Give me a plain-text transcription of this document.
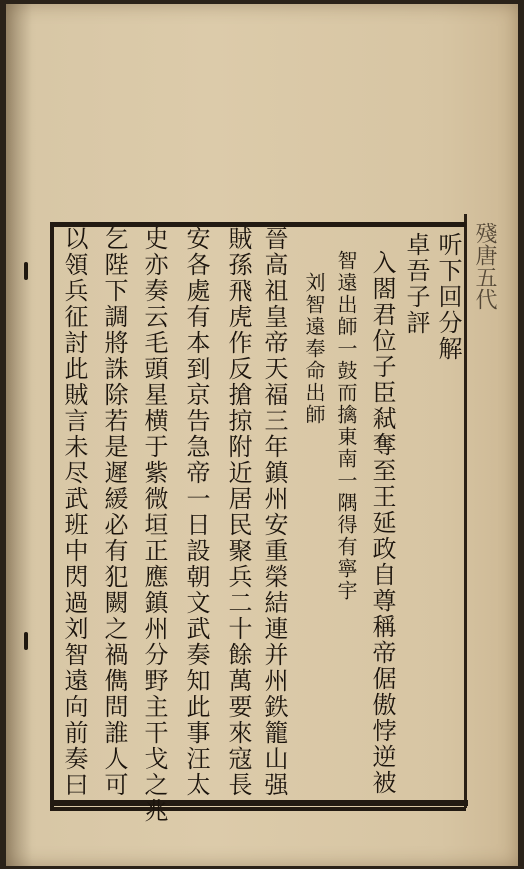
殘唐五代
听下回分解
卓吾子評
入閤君位子臣弒奪至王延政自尊稱帝倨傲悖逆被
智遠出師一鼓而擒東南一隅得有寧宇
刘智遠奉命出師
晉高祖皇帝天福三年鎮州安重榮結連并州鉄籠山强
賊孫飛虎作反搶掠附近居民聚兵二十餘萬要來寇長
安各處有本到京告急帝一日設朝文武奏知此事汪太
史亦奏云毛頭星横于紫微垣正應鎮州分野主干戈之兆
乞陛下調將誅除若是遲緩必有犯闕之禍儁問誰人可
以領兵征討此賊言未尽武班中閃過刘智遠向前奏曰
